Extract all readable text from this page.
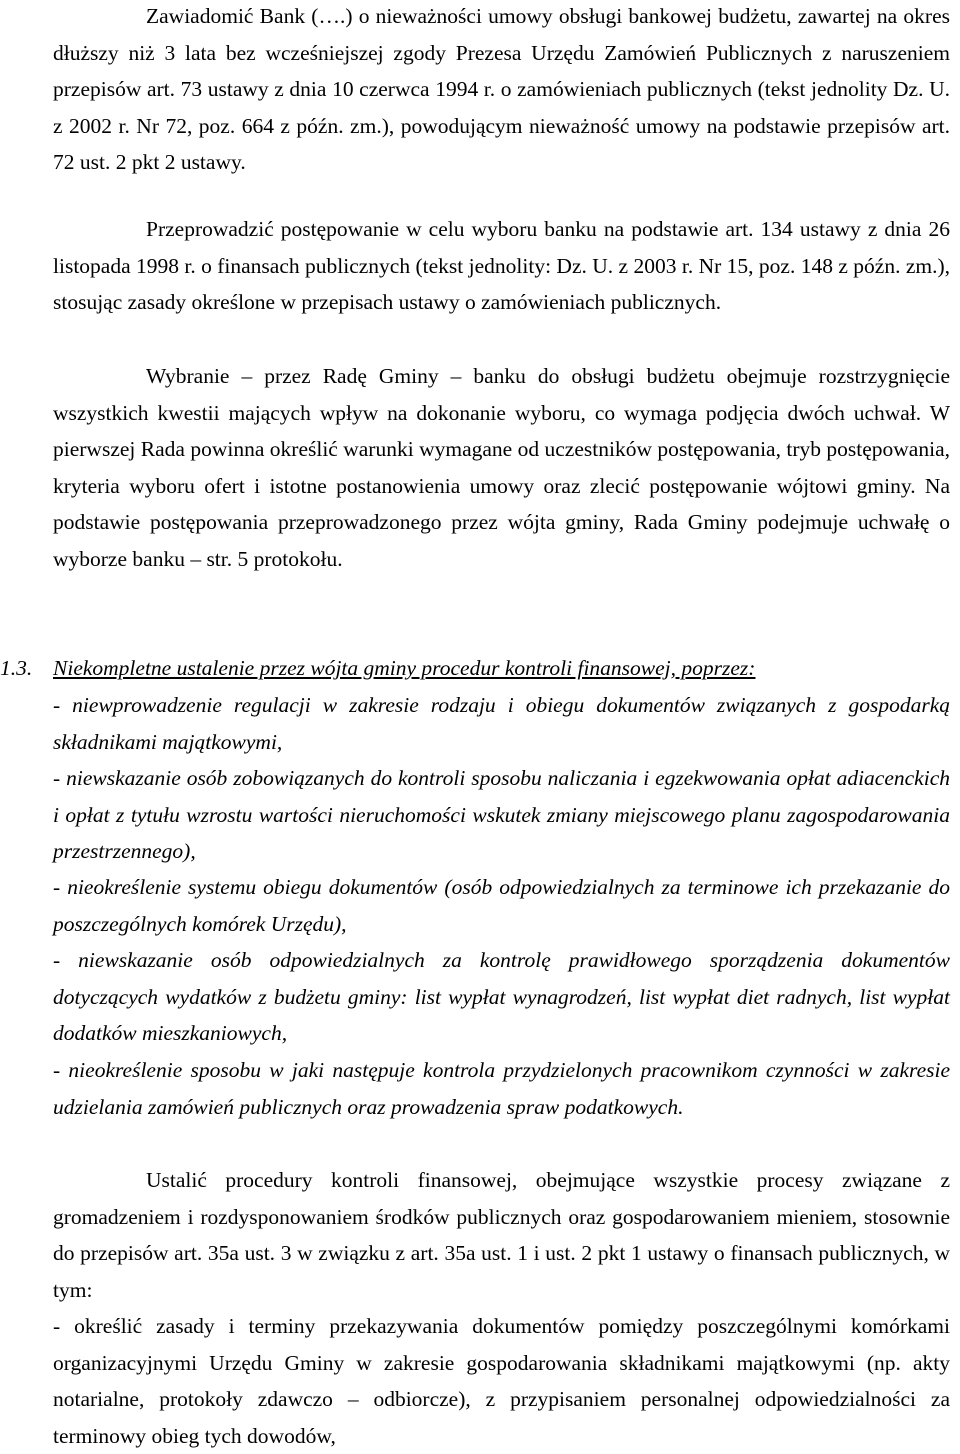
Zawiadomić Bank (….) o nieważności umowy obsługi bankowej budżetu, zawartej na okres dłuższy niż 3 lata bez wcześniejszej zgody Prezesa Urzędu Zamówień Publicznych z naruszeniem przepisów art. 73 ustawy z dnia 10 czerwca 1994 r. o zamówieniach publicznych (tekst jednolity Dz. U. z 2002 r. Nr 72, poz. 664 z późn. zm.), powodującym nieważność umowy na podstawie przepisów art. 72 ust. 2 pkt 2 ustawy.

Przeprowadzić postępowanie w celu wyboru banku na podstawie art. 134 ustawy z dnia 26 listopada 1998 r. o finansach publicznych (tekst jednolity: Dz. U. z 2003 r. Nr 15, poz. 148 z późn. zm.), stosując zasady określone w przepisach ustawy o zamówieniach publicznych.

Wybranie – przez Radę Gminy – banku do obsługi budżetu obejmuje rozstrzygnięcie wszystkich kwestii mających wpływ na dokonanie wyboru, co wymaga podjęcia dwóch uchwał. W pierwszej Rada powinna określić warunki wymagane od uczestników postępowania, tryb postępowania, kryteria wyboru ofert i istotne postanowienia umowy oraz zlecić postępowanie wójtowi gminy. Na podstawie postępowania przeprowadzonego przez wójta gminy, Rada Gminy podejmuje uchwałę o wyborze banku – str. 5 protokołu.

1.3. Niekompletne ustalenie przez wójta gminy procedur kontroli finansowej, poprzez:

- niewprowadzenie regulacji w zakresie rodzaju i obiegu dokumentów związanych z gospodarką składnikami majątkowymi,

- niewskazanie osób zobowiązanych do kontroli sposobu naliczania i egzekwowania opłat adiacenckich i opłat z tytułu wzrostu wartości nieruchomości wskutek zmiany miejscowego planu zagospodarowania przestrzennego),

- nieokreślenie systemu obiegu dokumentów (osób odpowiedzialnych za terminowe ich przekazanie do poszczególnych komórek Urzędu),

- niewskazanie osób odpowiedzialnych za kontrolę prawidłowego sporządzenia dokumentów dotyczących wydatków z budżetu gminy: list wypłat wynagrodzeń, list wypłat diet radnych, list wypłat dodatków mieszkaniowych,

- nieokreślenie sposobu w jaki następuje kontrola przydzielonych pracownikom czynności w zakresie udzielania zamówień publicznych oraz prowadzenia spraw podatkowych.

Ustalić procedury kontroli finansowej, obejmujące wszystkie procesy związane z gromadzeniem i rozdysponowaniem środków publicznych oraz gospodarowaniem mieniem, stosownie do przepisów art. 35a ust. 3 w związku z art. 35a ust. 1 i ust. 2 pkt 1 ustawy o finansach publicznych, w tym:

- określić zasady i terminy przekazywania dokumentów pomiędzy poszczególnymi komórkami organizacyjnymi Urzędu Gminy w zakresie gospodarowania składnikami majątkowymi (np. akty notarialne, protokoły zdawczo – odbiorcze), z przypisaniem personalnej odpowiedzialności za terminowy obieg tych dowodów,
